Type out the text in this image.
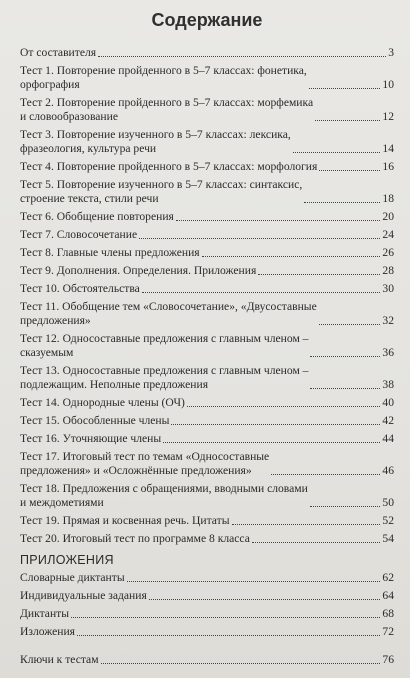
Содержание
От составителя	3
Тест 1. Повторение пройденного в 5–7 классах: фонетика,
орфография	10
Тест 2. Повторение пройденного в 5–7 классах: морфемика
и словообразование	12
Тест 3. Повторение изученного в 5–7 классах: лексика,
фразеология, культура речи	14
Тест 4. Повторение пройденного в 5–7 классах: морфология	16
Тест 5. Повторение изученного в 5–7 классах: синтаксис,
строение текста, стили речи	18
Тест 6. Обобщение повторения	20
Тест 7. Словосочетание	24
Тест 8. Главные члены предложения	26
Тест 9. Дополнения. Определения. Приложения	28
Тест 10. Обстоятельства	30
Тест 11. Обобщение тем «Словосочетание», «Двусоставные
предложения»	32
Тест 12. Односоставные предложения с главным членом –
сказуемым	36
Тест 13. Односоставные предложения с главным членом –
подлежащим. Неполные предложения	38
Тест 14. Однородные члены (ОЧ)	40
Тест 15. Обособленные члены	42
Тест 16. Уточняющие члены	44
Тест 17. Итоговый тест по темам «Односоставные
предложения» и «Осложнённые предложения»	46
Тест 18. Предложения с обращениями, вводными словами
и междометиями	50
Тест 19. Прямая и косвенная речь. Цитаты	52
Тест 20. Итоговый тест по программе 8 класса	54
ПРИЛОЖЕНИЯ
Словарные диктанты	62
Индивидуальные задания	64
Диктанты	68
Изложения	72
Ключи к тестам	76
